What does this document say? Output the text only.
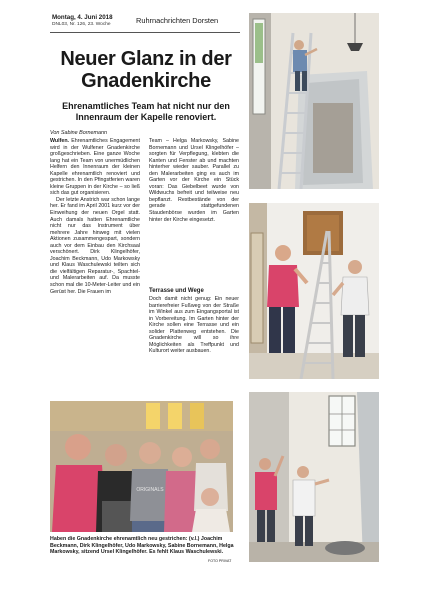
Montag, 4. Juni 2018
DNL03, Nr. 126, 23. Woche	Ruhrnachrichten Dorsten
Neuer Glanz in der
Gnadenkirche
Ehrenamtliches Team hat nicht nur den
Innenraum der Kapelle renoviert.
Von Sabine Bornemann

Wulfen. Ehrenamtliches Engagement wird in der Wulfener Gnadenkirche großgeschrieben. Eine ganze Woche lang hat ein Team von unermüdlichen Helfern den Innenraum der kleinen Kapelle ehrenamtlich renoviert und gestrichen. In den Pfingstferien waren kleine Gruppen in der Kirche – so ließ sich das gut organisieren.

Der letzte Anstrich war schon lange her. Er fand im April 2001 kurz vor der Einweihung der neuen Orgel statt. Auch damals hatten Ehrenamtliche nicht nur das Instrument über mehrere Jahre hinweg mit vielen Aktionen zusammengespart, sondern auch vor dem Einbau den Kirchsaal verschönert. Dirk Klingelhöfer, Joachim Beckmann, Udo Markowsky und Klaus Waschulewski teilten sich die vielfältigen Reparatur-, Spachtel- und Malerarbeiten auf. Da musste schon mal die 10-Meter-Leiter und ein Gerüst her. Die Frauen im

Team – Helga Markowsky, Sabine Bornemann und Ursel Klingelhöfer – sorgten für Verpflegung, klebten die Kanten und Fenster ab und machten hinterher wieder sauber. Parallel zu den Malerarbeiten ging es auch im Garten vor der Kirche ein Stück voran: Das Giebelbeet wurde von Wildwuchs befreit und teilweise neu bepflanzt. Restbestände von der gerade stattgefundenen Staudenbörse wurden im Garten hinter der Kirche eingesetzt.

Terrasse und Wege

Doch damit nicht genug: Ein neuer barrierefreier Fußweg von der Straße im Winkel aus zum Eingangsportal ist in Vorbereitung. Im Garten hinter der Kirche sollen eine Terrasse und ein solider Plattenweg entstehen. Die Gnadenkirche will so ihre Möglichkeiten als Treffpunkt und Kulturort weiter ausbauen.

ORIGINALS
Haben die Gnadenkirche ehrenamtlich neu gestrichen: (v.l.) Joachim Beckmann, Dirk Klingelhöfer, Udo Markowsky, Sabine Bornemann, Helga Markowsky, sitzend Ursel Klingelhöfer. Es fehlt Klaus Waschulewski.
FOTO PRIVAT
